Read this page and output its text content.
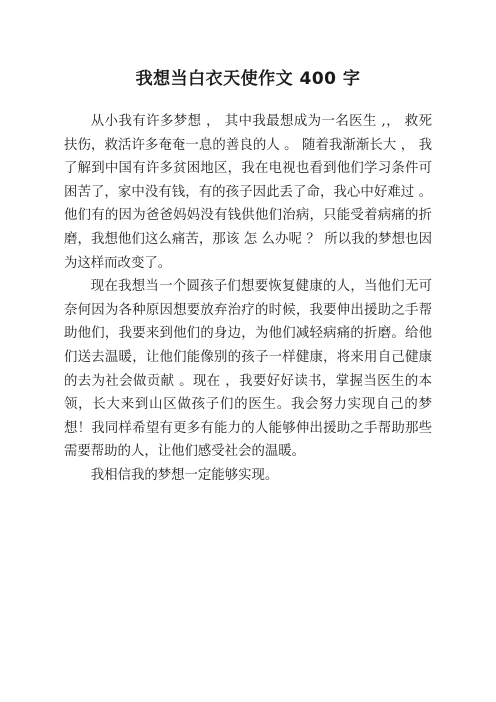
我想当白衣天使作文 400 字

从小我有许多梦想 ， 其中我最想成为一名医生 ,， 救死扶伤，救活许多奄奄一息的善良的人 。 随着我渐渐长大 ， 我了解到中国有许多贫困地区，我在电视也看到他们学习条件可困苦了，家中没有钱，有的孩子因此丢了命，我心中好难过 。 他们有的因为爸爸妈妈没有钱供他们治病，只能受着病痛的折磨，我想他们这么痛苦，那该 怎 么办呢 ？ 所以我的梦想也因为这样而改变了。

现在我想当一个圆孩子们想要恢复健康的人，当他们无可奈何因为各种原因想要放弃治疗的时候，我要伸出援助之手帮助他们，我要来到他们的身边，为他们减轻病痛的折磨。给他们送去温暖，让他们能像别的孩子一样健康，将来用自己健康的去为社会做贡献 。现在 ，我要好好读书，掌握当医生的本领，长大来到山区做孩子们的医生。我会努力实现自己的梦想！我同样希望有更多有能力的人能够伸出援助之手帮助那些需要帮助的人，让他们感受社会的温暖。

我相信我的梦想一定能够实现。
